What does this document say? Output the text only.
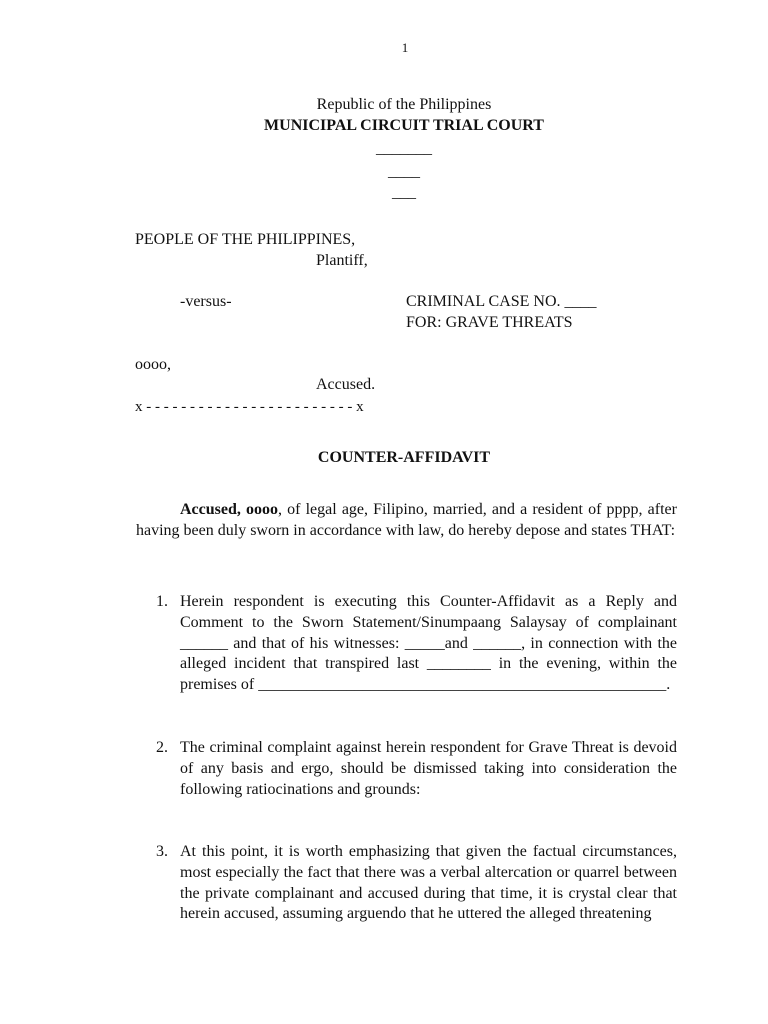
1
Republic of the Philippines
MUNICIPAL CIRCUIT TRIAL COURT
_______
____
___
PEOPLE OF THE PHILIPPINES,
Plantiff,
-versus-	CRIMINAL CASE NO. ____
FOR: GRAVE THREATS
oooo,
Accused.
x - - - - - - - - - - - - - - - - - - - - - - - - x
COUNTER-AFFIDAVIT
Accused, oooo, of legal age, Filipino, married, and a resident of pppp, after having been duly sworn in accordance with law, do hereby depose and states THAT:
1. Herein respondent is executing this Counter-Affidavit as a Reply and Comment to the Sworn Statement/Sinumpaang Salaysay of complainant ______ and that of his witnesses: _____and ______, in connection with the alleged incident that transpired last ________ in the evening, within the premises of ___________________________________________________.
2. The criminal complaint against herein respondent for Grave Threat is devoid of any basis and ergo, should be dismissed taking into consideration the following ratiocinations and grounds:
3. At this point, it is worth emphasizing that given the factual circumstances, most especially the fact that there was a verbal altercation or quarrel between the private complainant and accused during that time, it is crystal clear that herein accused, assuming arguendo that he uttered the alleged threatening
